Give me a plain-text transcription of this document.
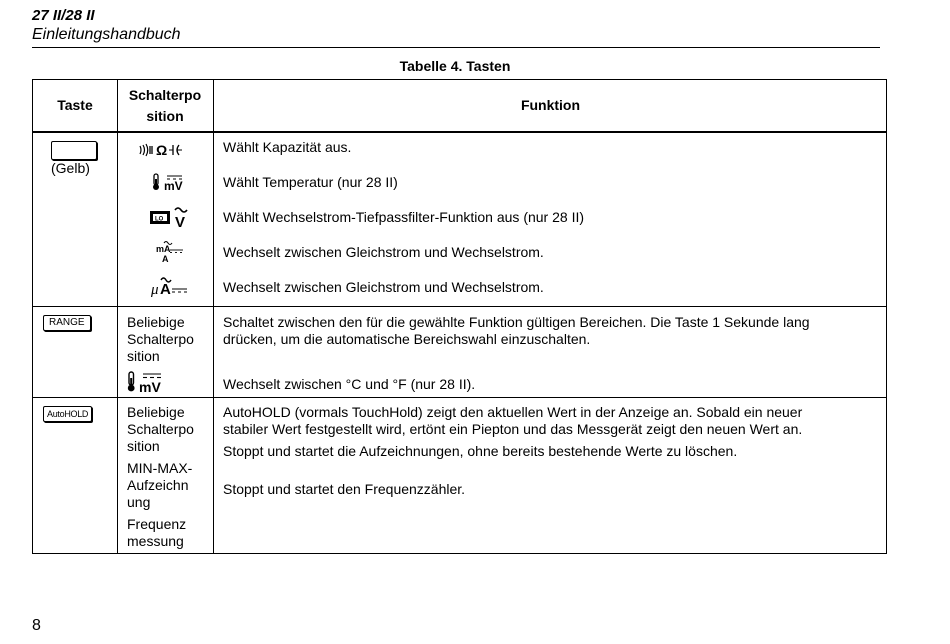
27 II/28 II
Einleitungshandbuch
Tabelle 4. Tasten
Taste
Schalterpo
sition
Funktion
(Gelb)
Ω
mV
LO V
mA
A
μ A
Wählt Kapazität aus.
Wählt Temperatur (nur 28 II)
Wählt Wechselstrom-Tiefpassfilter-Funktion aus (nur 28 II)
Wechselt zwischen Gleichstrom und Wechselstrom.
Wechselt zwischen Gleichstrom und Wechselstrom.
RANGE	Beliebige
Schalterpo
sition
mV
Schaltet zwischen den für die gewählte Funktion gültigen Bereichen. Die Taste 1 Sekunde lang
drücken, um die automatische Bereichswahl einzuschalten.
Wechselt zwischen °C und °F (nur 28 II).
AutoHOLD	Beliebige
Schalterpo
sition
MIN-MAX-
Aufzeichn
ung
Frequenz
messung
AutoHOLD (vormals TouchHold) zeigt den aktuellen Wert in der Anzeige an. Sobald ein neuer
stabiler Wert festgestellt wird, ertönt ein Piepton und das Messgerät zeigt den neuen Wert an.
Stoppt und startet die Aufzeichnungen, ohne bereits bestehende Werte zu löschen.
Stoppt und startet den Frequenzzähler.
8
